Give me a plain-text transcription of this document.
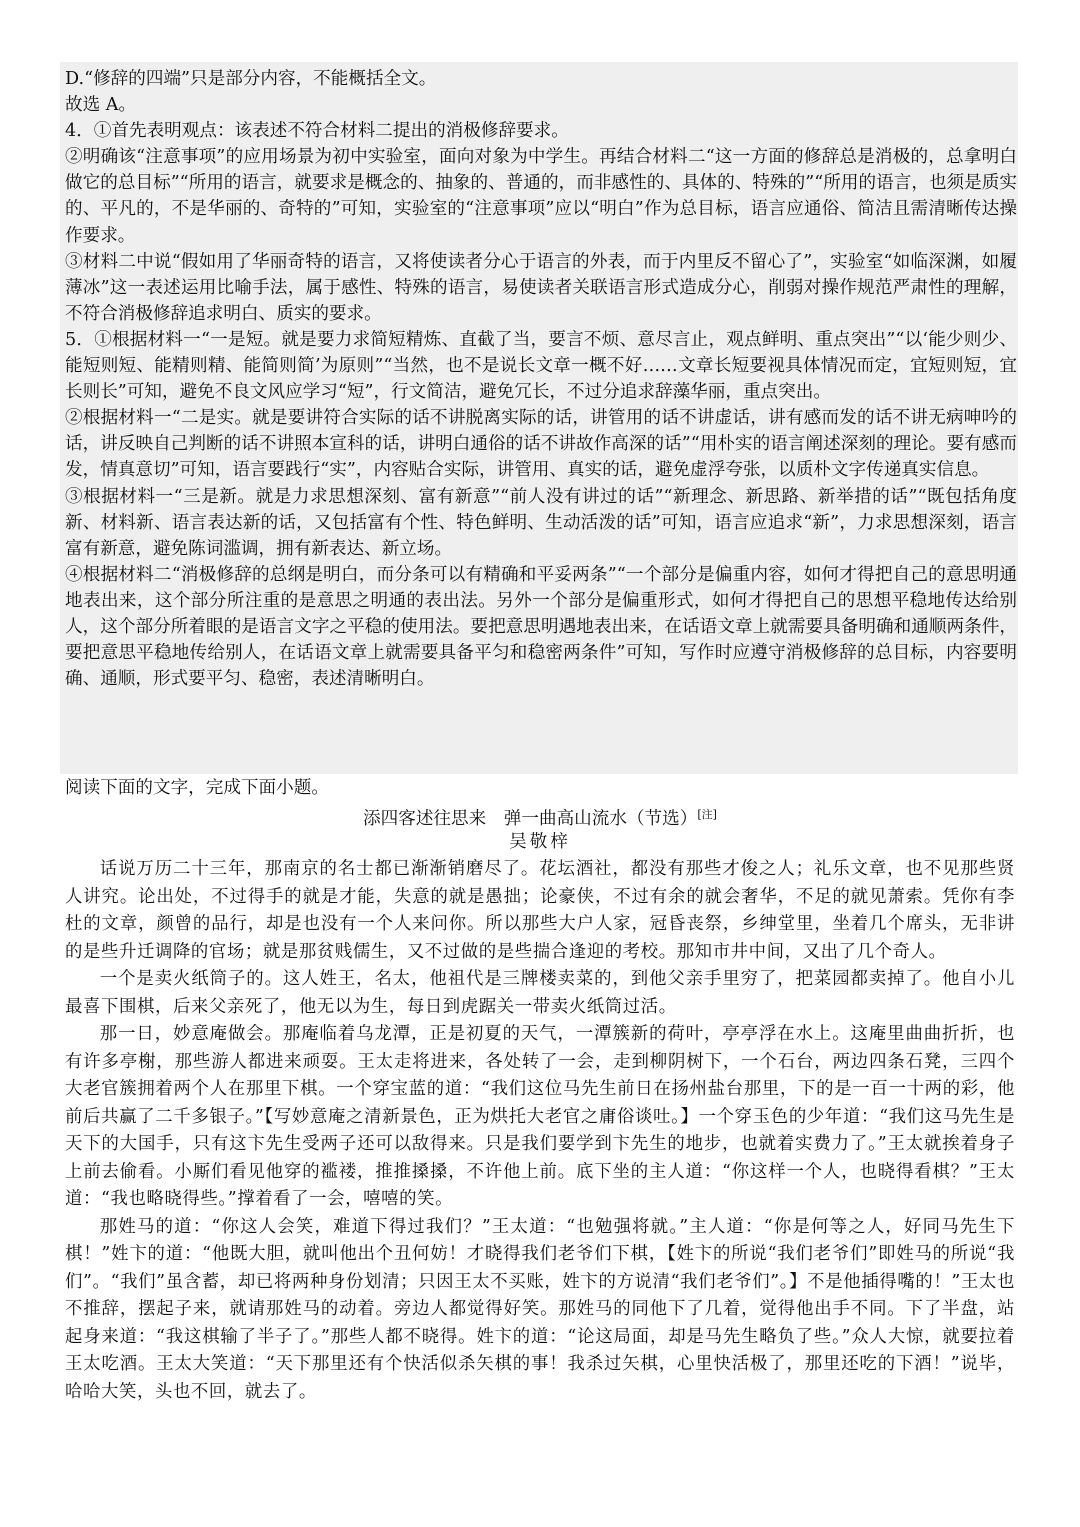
D.“修辞的四端”只是部分内容，不能概括全文。

故选 A。

4．①首先表明观点：该表述不符合材料二提出的消极修辞要求。

②明确该“注意事项”的应用场景为初中实验室，面向对象为中学生。再结合材料二“这一方面的修辞总是消极的，总拿明白做它的总目标”“所用的语言，就要求是概念的、抽象的、普通的，而非感性的、具体的、特殊的”“所用的语言，也须是质实的、平凡的，不是华丽的、奇特的”可知，实验室的“注意事项”应以“明白”作为总目标，语言应通俗、简洁且需清晰传达操作要求。

③材料二中说“假如用了华丽奇特的语言，又将使读者分心于语言的外表，而于内里反不留心了”，实验室“如临深渊，如履薄冰”这一表述运用比喻手法，属于感性、特殊的语言，易使读者关联语言形式造成分心，削弱对操作规范严肃性的理解，不符合消极修辞追求明白、质实的要求。

5．①根据材料一“一是短。就是要力求简短精炼、直截了当，要言不烦、意尽言止，观点鲜明、重点突出”“以‘能少则少、能短则短、能精则精、能简则简’为原则”“当然，也不是说长文章一概不好……文章长短要视具体情况而定，宜短则短，宜长则长”可知，避免不良文风应学习“短”，行文简洁，避免冗长，不过分追求辞藻华丽，重点突出。

②根据材料一“二是实。就是要讲符合实际的话不讲脱离实际的话，讲管用的话不讲虚话，讲有感而发的话不讲无病呻吟的话，讲反映自己判断的话不讲照本宣科的话，讲明白通俗的话不讲故作高深的话”“用朴实的语言阐述深刻的理论。要有感而发，情真意切”可知，语言要践行“实”，内容贴合实际，讲管用、真实的话，避免虚浮夸张，以质朴文字传递真实信息。

③根据材料一“三是新。就是力求思想深刻、富有新意”“前人没有讲过的话”“新理念、新思路、新举措的话”“既包括角度新、材料新、语言表达新的话，又包括富有个性、特色鲜明、生动活泼的话”可知，语言应追求“新”，力求思想深刻，语言富有新意，避免陈词滥调，拥有新表达、新立场。

④根据材料二“消极修辞的总纲是明白，而分条可以有精确和平妥两条”“一个部分是偏重内容，如何才得把自己的意思明通地表出来，这个部分所注重的是意思之明通的表出法。另外一个部分是偏重形式，如何才得把自己的思想平稳地传达给别人，这个部分所着眼的是语言文字之平稳的使用法。要把意思明遇地表出来，在话语文章上就需要具备明确和通顺两条件，要把意思平稳地传给别人，在话语文章上就需要具备平匀和稳密两条件”可知，写作时应遵守消极修辞的总目标，内容要明确、通顺，形式要平匀、稳密，表述清晰明白。

阅读下面的文字，完成下面小题。

添四客述往思来　弹一曲高山流水（节选）[注]

吴敬梓

话说万历二十三年，那南京的名士都已渐渐销磨尽了。花坛酒社，都没有那些才俊之人；礼乐文章，也不见那些贤人讲究。论出处，不过得手的就是才能，失意的就是愚拙；论豪侠，不过有余的就会奢华，不足的就见萧索。凭你有李杜的文章，颜曾的品行，却是也没有一个人来问你。所以那些大户人家，冠昏丧祭，乡绅堂里，坐着几个席头，无非讲的是些升迁调降的官场；就是那贫贱儒生，又不过做的是些揣合逢迎的考校。那知市井中间，又出了几个奇人。

一个是卖火纸筒子的。这人姓王，名太，他祖代是三牌楼卖菜的，到他父亲手里穷了，把菜园都卖掉了。他自小儿最喜下围棋，后来父亲死了，他无以为生，每日到虎踞关一带卖火纸筒过活。

那一日，妙意庵做会。那庵临着乌龙潭，正是初夏的天气，一潭簇新的荷叶，亭亭浮在水上。这庵里曲曲折折，也有许多亭榭，那些游人都进来顽耍。王太走将进来，各处转了一会，走到柳阴树下，一个石台，两边四条石凳，三四个大老官簇拥着两个人在那里下棋。一个穿宝蓝的道：“我们这位马先生前日在扬州盐台那里，下的是一百一十两的彩，他前后共赢了二千多银子。”【写妙意庵之清新景色，正为烘托大老官之庸俗谈吐。】一个穿玉色的少年道：“我们这马先生是天下的大国手，只有这卞先生受两子还可以敌得来。只是我们要学到卞先生的地步，也就着实费力了。”王太就挨着身子上前去偷看。小厮们看见他穿的褴褛，推推搡搡，不许他上前。底下坐的主人道：“你这样一个人，也晓得看棋？”王太道：“我也略晓得些。”撑着看了一会，嘻嘻的笑。

那姓马的道：“你这人会笑，难道下得过我们？”王太道：“也勉强将就。”主人道：“你是何等之人，好同马先生下棋！”姓卞的道：“他既大胆，就叫他出个丑何妨！才晓得我们老爷们下棋，【姓卞的所说“我们老爷们”即姓马的所说“我们”。“我们”虽含蓄，却已将两种身份划清；只因王太不买账，姓卞的方说清“我们老爷们”。】不是他插得嘴的！”王太也不推辞，摆起子来，就请那姓马的动着。旁边人都觉得好笑。那姓马的同他下了几着，觉得他出手不同。下了半盘，站起身来道：“我这棋输了半子了。”那些人都不晓得。姓卞的道：“论这局面，却是马先生略负了些。”众人大惊，就要拉着王太吃酒。王太大笑道：“天下那里还有个快活似杀矢棋的事！我杀过矢棋，心里快活极了，那里还吃的下酒！”说毕，哈哈大笑，头也不回，就去了。
